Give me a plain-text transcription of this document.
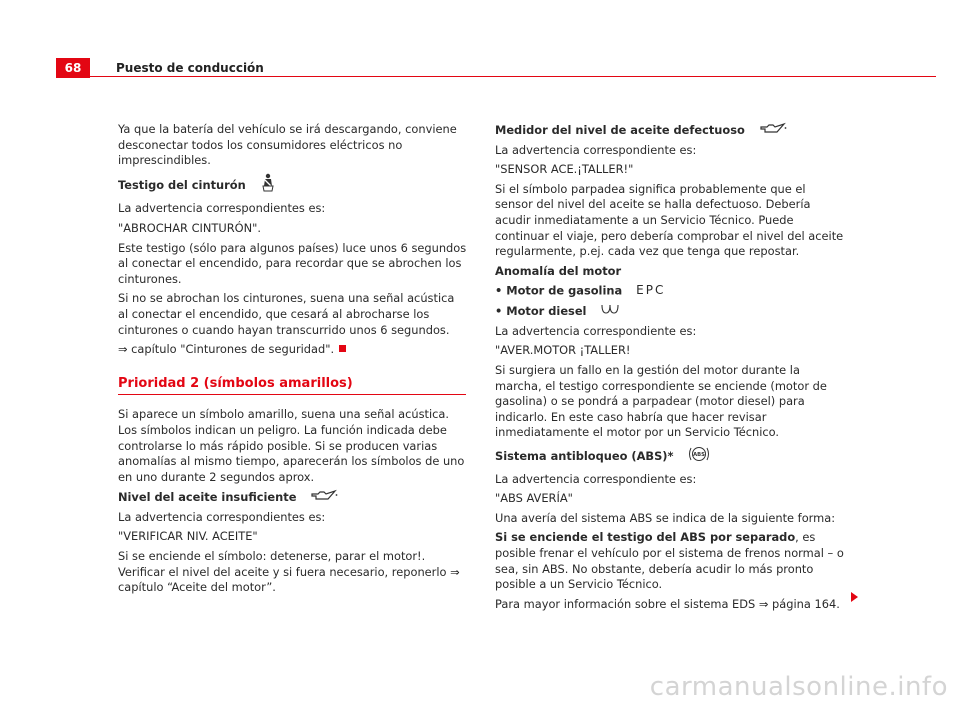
68	Puesto de conducción

Ya que la batería del vehículo se irá descargando, conviene desconectar todos los consumidores eléctricos no imprescindibles.

Testigo del cinturón

La advertencia correspondientes es:

"ABROCHAR CINTURÓN".

Este testigo (sólo para algunos países) luce unos 6 segundos al conectar el encendido, para recordar que se abrochen los cinturones.

Si no se abrochan los cinturones, suena una señal acústica al conectar el encendido, que cesará al abrocharse los cinturones o cuando hayan transcurrido unos 6 segundos.

⇒ capítulo "Cinturones de seguridad".

Prioridad 2 (símbolos amarillos)

Si aparece un símbolo amarillo, suena una señal acústica. Los símbolos indican un peligro. La función indicada debe controlarse lo más rápido posible. Si se producen varias anomalías al mismo tiempo, aparecerán los símbolos de uno en uno durante 2 segundos aprox.

Nivel del aceite insuficiente

La advertencia correspondientes es:

"VERIFICAR NIV. ACEITE"

Si se enciende el símbolo: detenerse, parar el motor!. Verificar el nivel del aceite y si fuera necesario, reponerlo ⇒ capítulo “Aceite del motor”.

Medidor del nivel de aceite defectuoso

La advertencia correspondiente es:

"SENSOR ACE.¡TALLER!"

Si el símbolo parpadea significa probablemente que el sensor del nivel del aceite se halla defectuoso. Debería acudir inmediatamente a un Servicio Técnico. Puede continuar el viaje, pero debería comprobar el nivel del aceite regularmente, p.ej. cada vez que tenga que repostar.

Anomalía del motor
• Motor de gasolina EPC
• Motor diesel

La advertencia correspondiente es:

"AVER.MOTOR ¡TALLER!

Si surgiera un fallo en la gestión del motor durante la marcha, el testigo correspondiente se enciende (motor de gasolina) o se pondrá a parpadear (motor diesel) para indicarlo. En este caso habría que hacer revisar inmediatamente el motor por un Servicio Técnico.

Sistema antibloqueo (ABS)*	ABS

La advertencia correspondiente es:

"ABS AVERÍA"

Una avería del sistema ABS se indica de la siguiente forma:

Si se enciende el testigo del ABS por separado, es posible frenar el vehículo por el sistema de frenos normal – o sea, sin ABS. No obstante, debería acudir lo más pronto posible a un Servicio Técnico.

Para mayor información sobre el sistema EDS ⇒ página 164.

carmanualsonline.info
